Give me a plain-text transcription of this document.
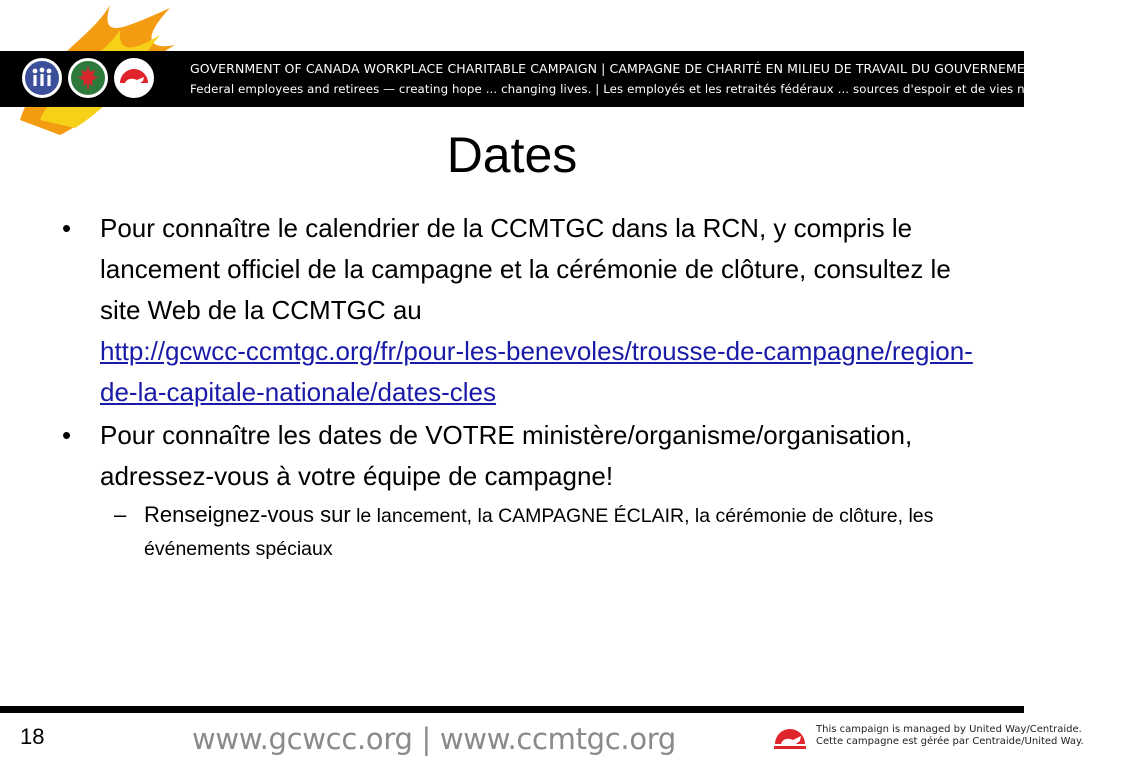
GOVERNMENT OF CANADA WORKPLACE CHARITABLE CAMPAIGN | CAMPAGNE DE CHARITÉ EN MILIEU DE TRAVAIL DU GOUVERNEMENT DU CANADA
Federal employees and retirees — creating hope ... changing lives. | Les employés et les retraités fédéraux ... sources d'espoir et de vies nouvelles.
Dates
• Pour connaître le calendrier de la CCMTGC dans la RCN, y compris le lancement officiel de la campagne et la cérémonie de clôture, consultez le site Web de la CCMTGC au
http://gcwcc-ccmtgc.org/fr/pour-les-benevoles/trousse-de-campagne/region-de-la-capitale-nationale/dates-cles
• Pour connaître les dates de VOTRE ministère/organisme/organisation, adressez-vous à votre équipe de campagne!
– Renseignez-vous sur le lancement, la CAMPAGNE ÉCLAIR, la cérémonie de clôture, les événements spéciaux
18	www.gcwcc.org | www.ccmtgc.org	This campaign is managed by United Way/Centraide.
Cette campagne est gérée par Centraide/United Way.
